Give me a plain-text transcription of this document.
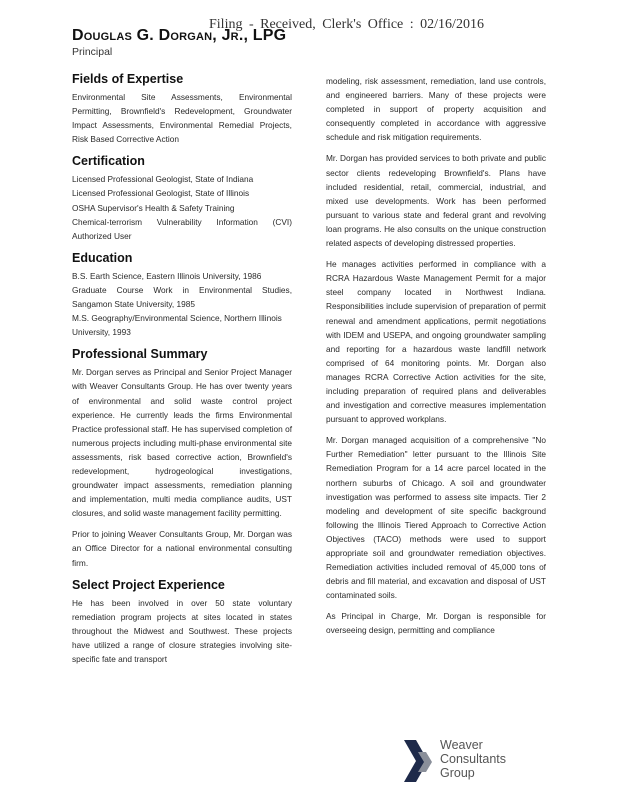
Filing - Received, Clerk's Office : 02/16/2016
Douglas G. Dorgan, Jr., LPG
Principal
Fields of Expertise

Environmental Site Assessments, Environmental Permitting, Brownfield's Redevelopment, Groundwater Impact Assessments, Environmental Remedial Projects, Risk Based Corrective Action

Certification
Licensed Professional Geologist, State of Indiana
Licensed Professional Geologist, State of Illinois
OSHA Supervisor's Health & Safety Training
Chemical-terrorism Vulnerability Information (CVI) Authorized User
Education
B.S. Earth Science, Eastern Illinois University, 1986
Graduate Course Work in Environmental Studies, Sangamon State University, 1985
M.S. Geography/Environmental Science, Northern Illinois University, 1993
Professional Summary

Mr. Dorgan serves as Principal and Senior Project Manager with Weaver Consultants Group. He has over twenty years of environmental and solid waste control project experience. He currently leads the firms Environmental Practice professional staff. He has supervised completion of numerous projects including multi-phase environmental site assessments, risk based corrective action, Brownfield's redevelopment, hydrogeological investigations, groundwater impact assessments, remediation planning and implementation, multi media compliance audits, UST closures, and solid waste management facility permitting.

Prior to joining Weaver Consultants Group, Mr. Dorgan was an Office Director for a national environmental consulting firm.

Select Project Experience

He has been involved in over 50 state voluntary remediation program projects at sites located in states throughout the Midwest and Southwest. These projects have utilized a range of closure strategies involving site-specific fate and transport

modeling, risk assessment, remediation, land use controls, and engineered barriers. Many of these projects were completed in support of property acquisition and consequently completed in accordance with aggressive schedule and risk mitigation requirements.

Mr. Dorgan has provided services to both private and public sector clients redeveloping Brownfield's. Plans have included residential, retail, commercial, industrial, and mixed use developments. Work has been performed pursuant to various state and federal grant and revolving loan programs. He also consults on the unique construction related aspects of developing distressed properties.

He manages activities performed in compliance with a RCRA Hazardous Waste Management Permit for a major steel company located in Northwest Indiana. Responsibilities include supervision of preparation of permit renewal and amendment applications, permit negotiations with IDEM and USEPA, and ongoing groundwater sampling and reporting for a hazardous waste landfill network comprised of 64 monitoring points. Mr. Dorgan also manages RCRA Corrective Action activities for the site, including preparation of required plans and deliverables and investigation and corrective measures implementation pursuant to approved workplans.

Mr. Dorgan managed acquisition of a comprehensive "No Further Remediation" letter pursuant to the Illinois Site Remediation Program for a 14 acre parcel located in the northern suburbs of Chicago. A soil and groundwater investigation was performed to assess site impacts. Tier 2 modeling and development of site specific background following the Illinois Tiered Approach to Corrective Action Objectives (TACO) methods were used to support appropriate soil and groundwater remediation objectives. Remediation activities included removal of 45,000 tons of debris and fill material, and excavation and disposal of UST contaminated soils.

As Principal in Charge, Mr. Dorgan is responsible for overseeing design, permitting and compliance

Weaver
Consultants
Group
